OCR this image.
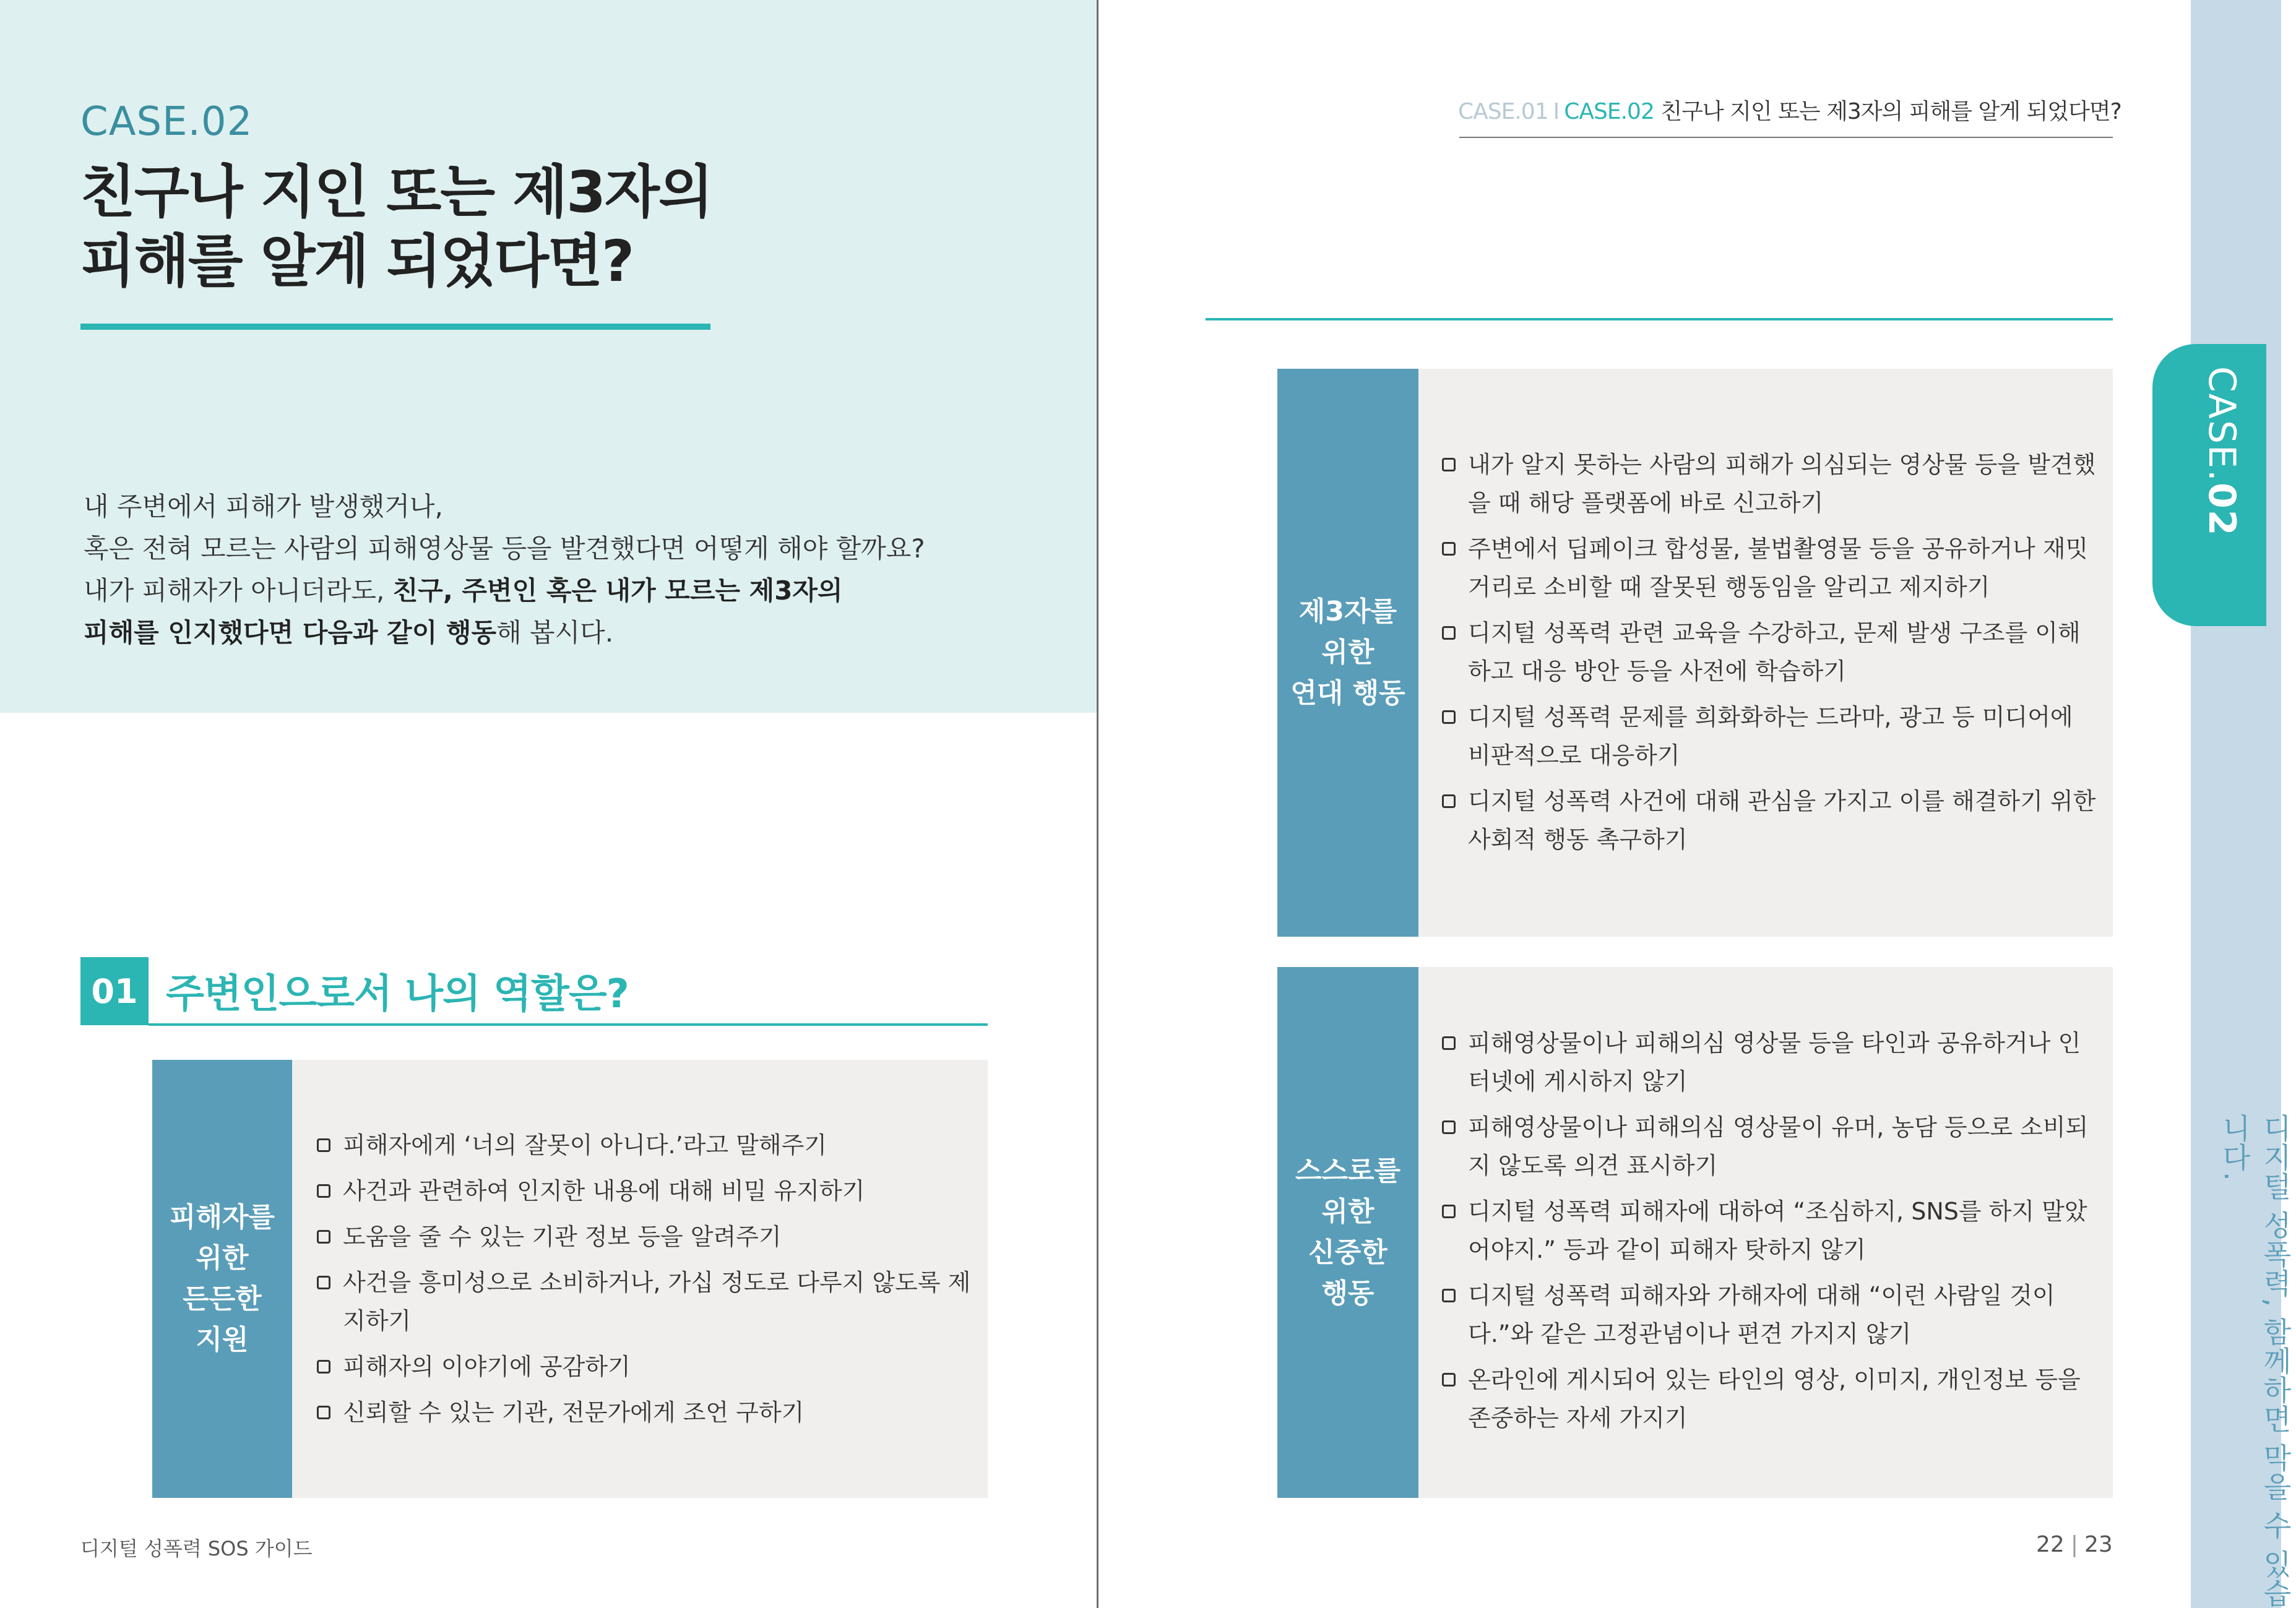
CASE.02
친구나 지인 또는 제3자의
피해를 알게 되었다면?
내 주변에서 피해가 발생했거나,
혹은 전혀 모르는 사람의 피해영상물 등을 발견했다면 어떻게 해야 할까요?
내가 피해자가 아니더라도, 친구, 주변인 혹은 내가 모르는 제3자의
피해를 인지했다면 다음과 같이 행동해 봅시다.
01 주변인으로서 나의 역할은?
피해자를
위한
든든한
지원
피해자에게 ‘너의 잘못이 아니다.’라고 말해주기
사건과 관련하여 인지한 내용에 대해 비밀 유지하기
도움을 줄 수 있는 기관 정보 등을 알려주기
사건을 흥미성으로 소비하거나, 가십 정도로 다루지 않도록 제지하기
피해자의 이야기에 공감하기
신뢰할 수 있는 기관, 전문가에게 조언 구하기
디지털 성폭력 SOS 가이드
CASE.01 I CASE.02 친구나 지인 또는 제3자의 피해를 알게 되었다면?
제3자를
위한
연대 행동
내가 알지 못하는 사람의 피해가 의심되는 영상물 등을 발견했을 때 해당 플랫폼에 바로 신고하기
주변에서 딥페이크 합성물, 불법촬영물 등을 공유하거나 재밋거리로 소비할 때 잘못된 행동임을 알리고 제지하기
디지털 성폭력 관련 교육을 수강하고, 문제 발생 구조를 이해하고 대응 방안 등을 사전에 학습하기
디지털 성폭력 문제를 희화화하는 드라마, 광고 등 미디어에 비판적으로 대응하기
디지털 성폭력 사건에 대해 관심을 가지고 이를 해결하기 위한 사회적 행동 촉구하기
스스로를
위한
신중한
행동
피해영상물이나 피해의심 영상물 등을 타인과 공유하거나 인터넷에 게시하지 않기
피해영상물이나 피해의심 영상물이 유머, 농담 등으로 소비되지 않도록 의견 표시하기
디지털 성폭력 피해자에 대하여 “조심하지, SNS를 하지 말았어야지.” 등과 같이 피해자 탓하지 않기
디지털 성폭력 피해자와 가해자에 대해 “이런 사람일 것이다.”와 같은 고정관념이나 편견 가지지 않기
온라인에 게시되어 있는 타인의 영상, 이미지, 개인정보 등을 존중하는 자세 가지기
22 | 23
CASE.02
디지털 성폭력, 함께하면 막을 수 있습니다.
